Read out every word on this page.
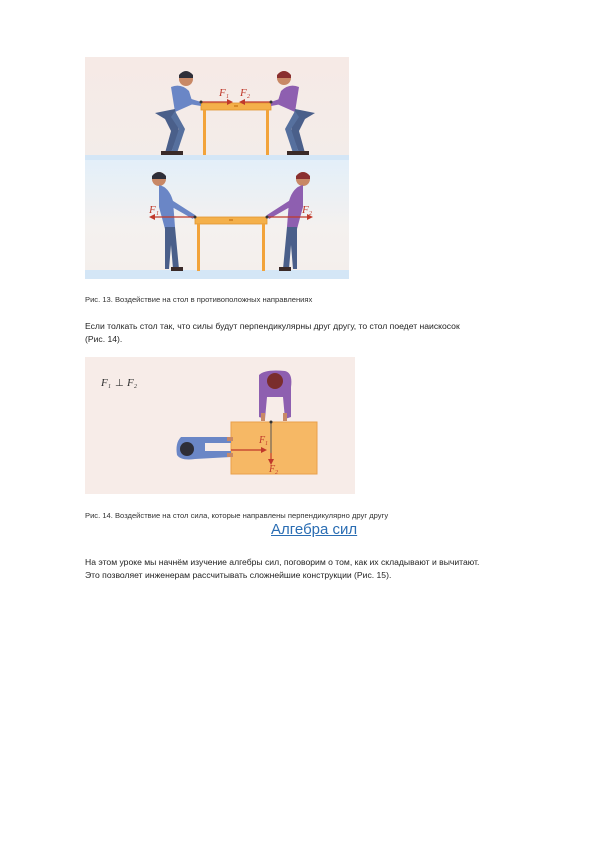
F 1 F 2
F 1	F 2
Рис. 13. Воздействие на стол в противоположных направлениях
Если толкать стол так, что силы будут перпендикулярны друг другу, то стол поедет наискосок
(Рис. 14).
F 1 ⊥ F 2
F 1
F 2
Рис. 14. Воздействие на стол сила, которые направлены перпендикулярно друг другу
Алгебра сил
На этом уроке мы начнём изучение алгебры сил, поговорим о том, как их складывают и вычитают.
Это позволяет инженерам рассчитывать сложнейшие конструкции (Рис. 15).
